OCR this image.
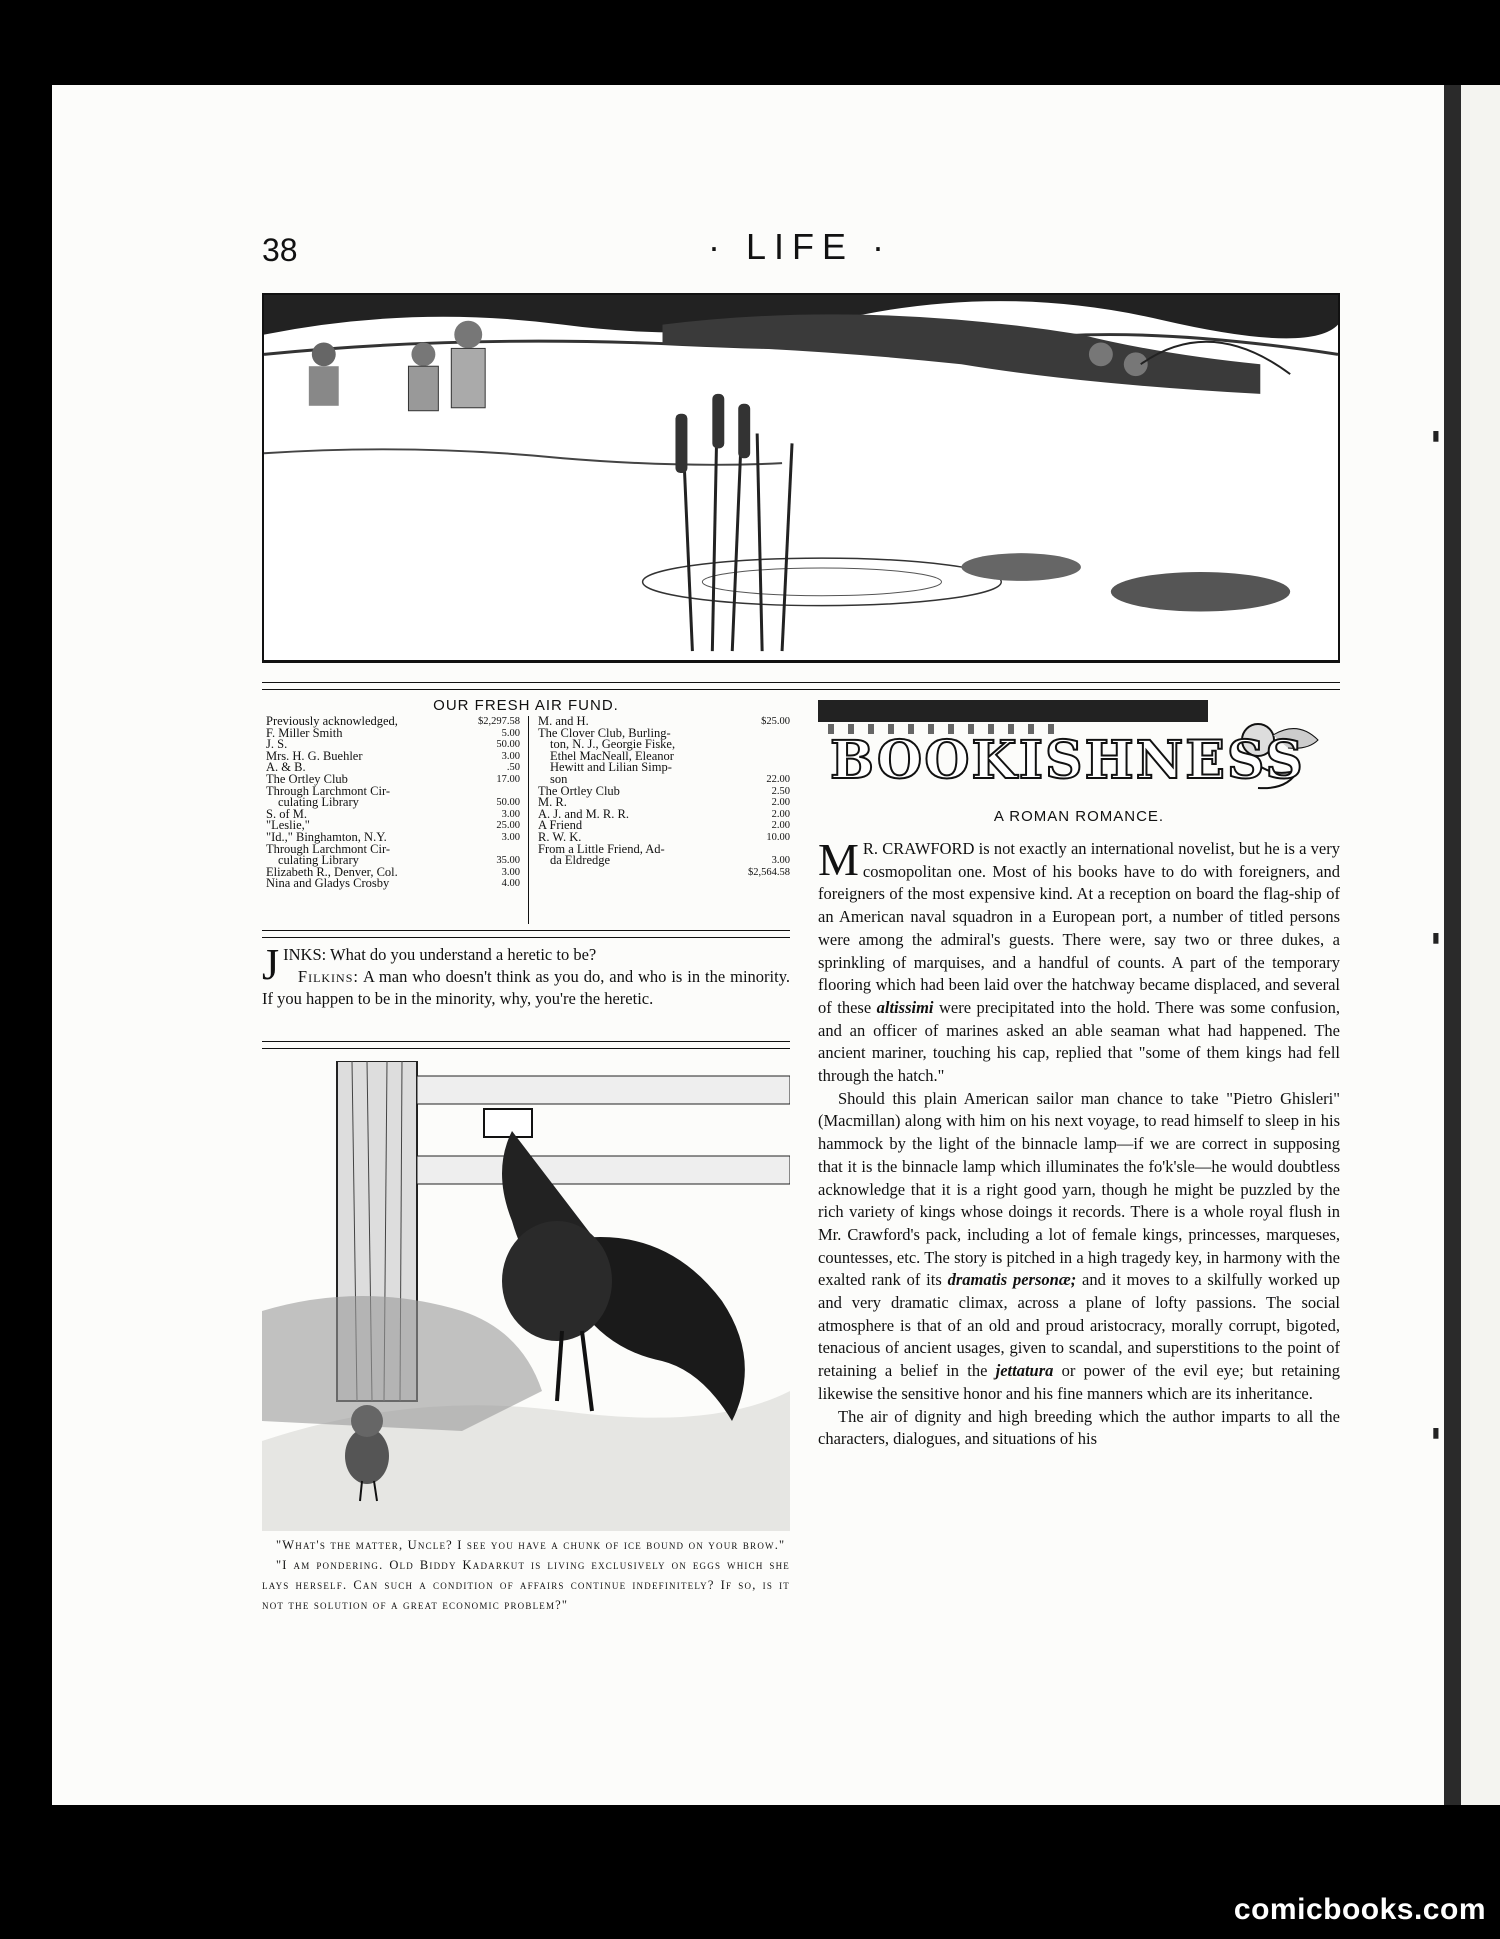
38	· LIFE ·
OUR FRESH AIR FUND.
Previously acknowledged,	$2,297.58
F. Miller Smith	5.00
J. S.	50.00
Mrs. H. G. Buehler	3.00
A. & B.	.50
The Ortley Club	17.00
Through Larchmont Cir-
culating Library	50.00
S. of M.	3.00
"Leslie,"	25.00
"Id.," Binghamton, N.Y.	3.00
Through Larchmont Cir-
culating Library	35.00
Elizabeth R., Denver, Col.	3.00
Nina and Gladys Crosby	4.00
M. and H.	$25.00
The Clover Club, Burling-
ton, N. J., Georgie Fiske,
Ethel MacNeall, Eleanor
Hewitt and Lilian Simp-
son	22.00
The Ortley Club	2.50
M. R.	2.00
A. J. and M. R. R.	2.00
A Friend	2.00
R. W. K.	10.00
From a Little Friend, Ad-
da Eldredge	3.00
$2,564.58
JINKS: What do you understand a heretic to be?
Filkins: A man who doesn't think as you do, and who is in the minority. If you happen to be in the minority, why, you're the heretic.

"What's the matter, Uncle? I see you have a chunk of ice bound on your brow."

"I am pondering. Old Biddy Kadarkut is living exclusively on eggs which she lays herself. Can such a condition of affairs continue indefinitely? If so, is it not the solution of a great economic problem?"

BOOKISHNESS
A ROMAN ROMANCE.

M R. CRAWFORD is not exactly an international novelist, but he is a very cosmopolitan one. Most of his books have to do with foreigners, and foreigners of the most expensive kind. At a reception on board the flag-ship of an American naval squadron in a European port, a number of titled persons were among the admiral's guests. There were, say two or three dukes, a sprinkling of marquises, and a handful of counts. A part of the temporary flooring which had been laid over the hatchway became displaced, and several of these altissimi were precipitated into the hold. There was some confusion, and an officer of marines asked an able seaman what had happened. The ancient mariner, touching his cap, replied that "some of them kings had fell through the hatch."

Should this plain American sailor man chance to take "Pietro Ghisleri" (Macmillan) along with him on his next voyage, to read himself to sleep in his hammock by the light of the binnacle lamp—if we are correct in supposing that it is the binnacle lamp which illuminates the fo'k'sle—he would doubtless acknowledge that it is a right good yarn, though he might be puzzled by the rich variety of kings whose doings it records. There is a whole royal flush in Mr. Crawford's pack, including a lot of female kings, princesses, marqueses, countesses, etc. The story is pitched in a high tragedy key, in harmony with the exalted rank of its dramatis personæ; and it moves to a skilfully worked up and very dramatic climax, across a plane of lofty passions. The social atmosphere is that of an old and proud aristocracy, morally corrupt, bigoted, tenacious of ancient usages, given to scandal, and superstitions to the point of retaining a belief in the jettatura or power of the evil eye; but retaining likewise the sensitive honor and his fine manners which are its inheritance.

The air of dignity and high breeding which the author imparts to all the characters, dialogues, and situations of his

▮
▮
▮
comicbooks.com
